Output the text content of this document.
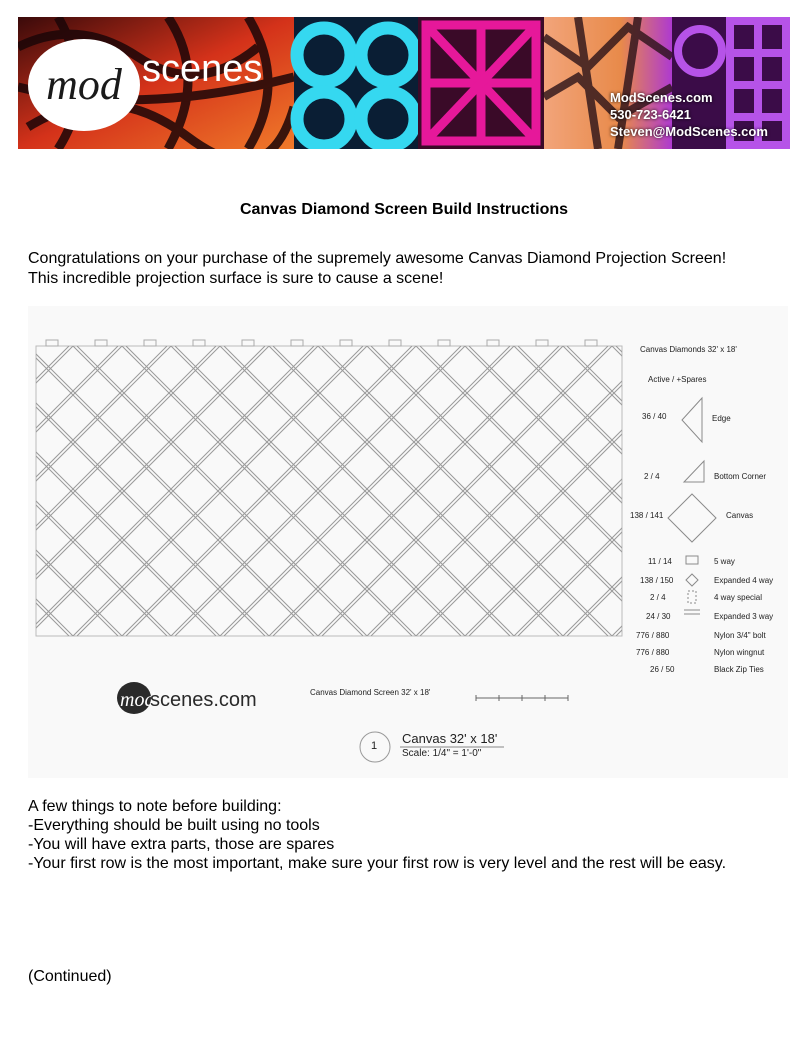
mod scenes
ModScenes.com
530-723-6421
Steven@ModScenes.com
Canvas Diamond Screen Build Instructions
Congratulations on your purchase of the supremely awesome Canvas Diamond Projection Screen!
This incredible projection surface is sure to cause a scene!
mod
scenes.com
Canvas Diamonds 32' x 18'
Active / +Spares
36 / 40	Edge
2 / 4	Bottom Corner
138 / 141	Canvas
11 / 14	5 way
138 / 150	Expanded 4 way
2 / 4	4 way special
24 / 30	Expanded 3 way
776 / 880	Nylon 3/4" bolt
776 / 880	Nylon wingnut
26 / 50	Black Zip Ties
Canvas Diamond Screen 32' x 18'
1 Canvas 32' x 18'
Scale: 1/4" = 1'-0"
A few things to note before building:
-Everything should be built using no tools
-You will have extra parts, those are spares
-Your first row is the most important, make sure your first row is very level and the rest will be easy.
(Continued)
